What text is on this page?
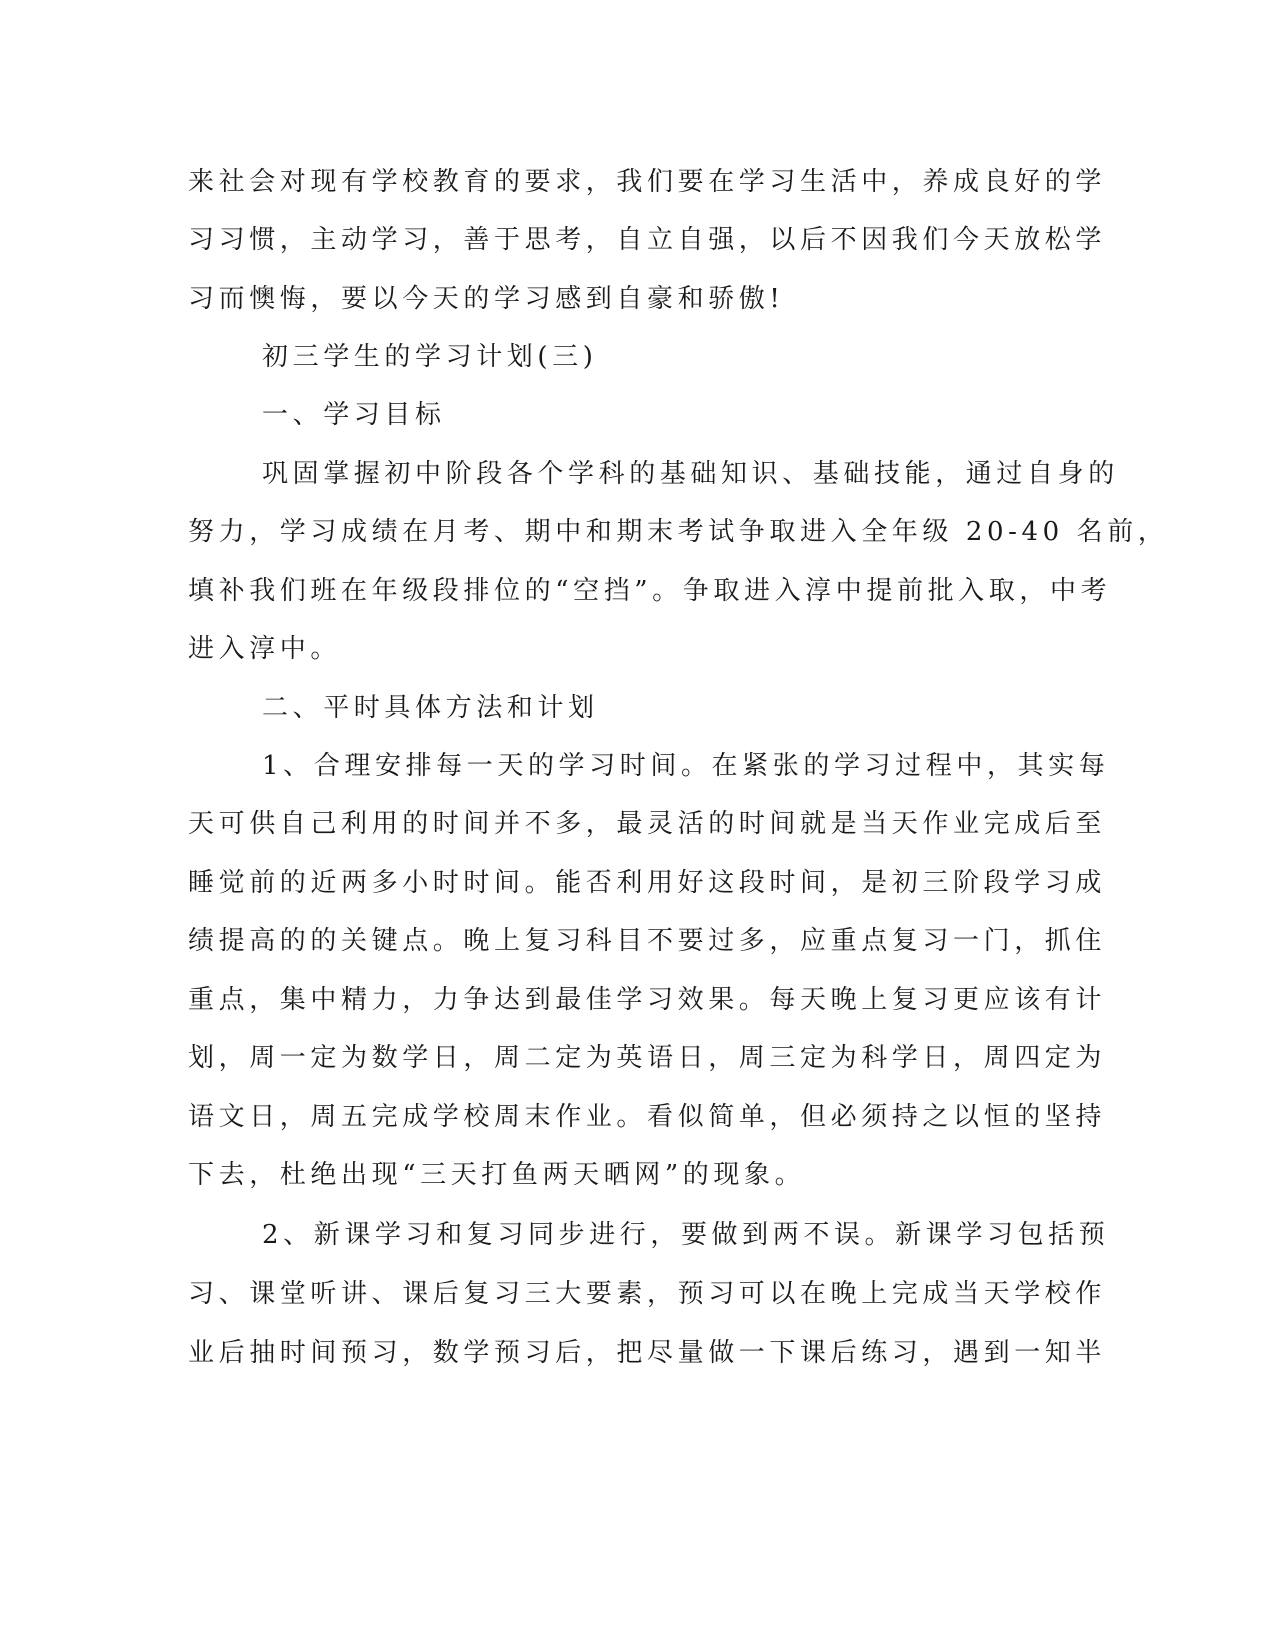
来社会对现有学校教育的要求，我们要在学习生活中，养成良好的学
习习惯，主动学习，善于思考，自立自强，以后不因我们今天放松学
习而懊悔，要以今天的学习感到自豪和骄傲!
初三学生的学习计划(三)
一、学习目标
巩固掌握初中阶段各个学科的基础知识、基础技能，通过自身的
努力，学习成绩在月考、期中和期末考试争取进入全年级 20-40 名前，
填补我们班在年级段排位的“空挡”。争取进入淳中提前批入取，中考
进入淳中。
二、平时具体方法和计划
1、合理安排每一天的学习时间。在紧张的学习过程中，其实每
天可供自己利用的时间并不多，最灵活的时间就是当天作业完成后至
睡觉前的近两多小时时间。能否利用好这段时间，是初三阶段学习成
绩提高的的关键点。晚上复习科目不要过多，应重点复习一门，抓住
重点，集中精力，力争达到最佳学习效果。每天晚上复习更应该有计
划，周一定为数学日，周二定为英语日，周三定为科学日，周四定为
语文日，周五完成学校周末作业。看似简单，但必须持之以恒的坚持
下去，杜绝出现“三天打鱼两天晒网”的现象。
2、新课学习和复习同步进行，要做到两不误。新课学习包括预
习、课堂听讲、课后复习三大要素，预习可以在晚上完成当天学校作
业后抽时间预习，数学预习后，把尽量做一下课后练习，遇到一知半
